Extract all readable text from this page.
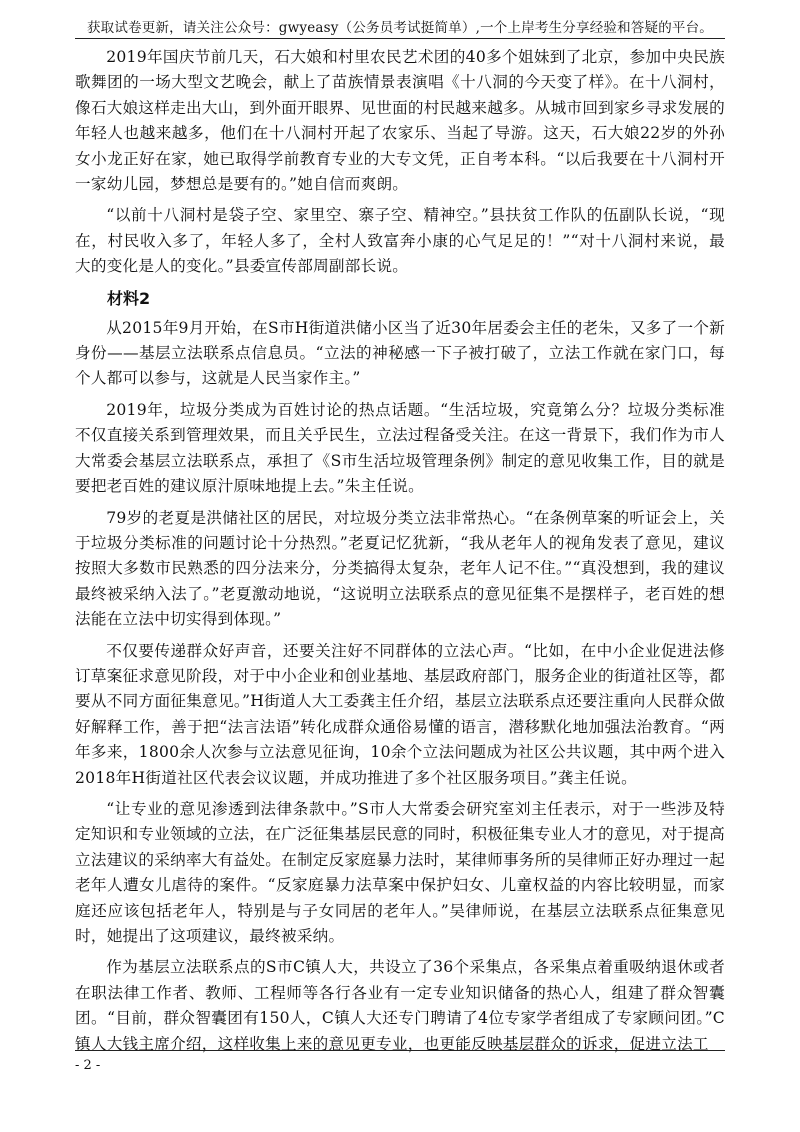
获取试卷更新，请关注公众号：gwyeasy（公务员考试挺简单）,一个上岸考生分享经验和答疑的平台。

2019年国庆节前几天，石大娘和村里农民艺术团的40多个姐妹到了北京，参加中央民族歌舞团的一场大型文艺晚会，献上了苗族情景表演唱《十八洞的今天变了样》。在十八洞村，像石大娘这样走出大山，到外面开眼界、见世面的村民越来越多。从城市回到家乡寻求发展的年轻人也越来越多，他们在十八洞村开起了农家乐、当起了导游。这天，石大娘22岁的外孙女小龙正好在家，她已取得学前教育专业的大专文凭，正自考本科。“以后我要在十八洞村开一家幼儿园，梦想总是要有的。”她自信而爽朗。

“以前十八洞村是袋子空、家里空、寨子空、精神空。”县扶贫工作队的伍副队长说，“现在，村民收入多了，年轻人多了，全村人致富奔小康的心气足足的！”“对十八洞村来说，最大的变化是人的变化。”县委宣传部周副部长说。

材料2

从2015年9月开始，在S市H街道洪储小区当了近30年居委会主任的老朱，又多了一个新身份——基层立法联系点信息员。“立法的神秘感一下子被打破了，立法工作就在家门口，每个人都可以参与，这就是人民当家作主。”

2019年，垃圾分类成为百姓讨论的热点话题。“生活垃圾，究竟第么分？垃圾分类标准不仅直接关系到管理效果，而且关乎民生，立法过程备受关注。在这一背景下，我们作为市人大常委会基层立法联系点，承担了《S市生活垃圾管理条例》制定的意见收集工作，目的就是要把老百姓的建议原汁原味地提上去。”朱主任说。

79岁的老夏是洪储社区的居民，对垃圾分类立法非常热心。“在条例草案的听证会上，关于垃圾分类标准的问题讨论十分热烈。”老夏记忆犹新，“我从老年人的视角发表了意见，建议按照大多数市民熟悉的四分法来分，分类搞得太复杂，老年人记不住。”“真没想到，我的建议最终被采纳入法了。”老夏激动地说，“这说明立法联系点的意见征集不是摆样子，老百姓的想法能在立法中切实得到体现。”

不仅要传递群众好声音，还要关注好不同群体的立法心声。“比如，在中小企业促进法修订草案征求意见阶段，对于中小企业和创业基地、基层政府部门，服务企业的街道社区等，都要从不同方面征集意见。”H街道人大工委龚主任介绍，基层立法联系点还要注重向人民群众做好解释工作，善于把“法言法语”转化成群众通俗易懂的语言，潜移默化地加强法治教育。“两年多来，1800余人次参与立法意见征询，10余个立法问题成为社区公共议题，其中两个进入2018年H街道社区代表会议议题，并成功推进了多个社区服务项目。”龚主任说。

“让专业的意见渗透到法律条款中。”S市人大常委会研究室刘主任表示，对于一些涉及特定知识和专业领域的立法，在广泛征集基层民意的同时，积极征集专业人才的意见，对于提高立法建议的采纳率大有益处。在制定反家庭暴力法时，某律师事务所的吴律师正好办理过一起老年人遭女儿虐待的案件。“反家庭暴力法草案中保护妇女、儿童权益的内容比较明显，而家庭还应该包括老年人，特别是与子女同居的老年人。”吴律师说，在基层立法联系点征集意见时，她提出了这项建议，最终被采纳。

作为基层立法联系点的S市C镇人大，共设立了36个采集点，各采集点着重吸纳退休或者在职法律工作者、教师、工程师等各行各业有一定专业知识储备的热心人，组建了群众智囊团。“目前，群众智囊团有150人，C镇人大还专门聘请了4位专家学者组成了专家顾问团。”C镇人大钱主席介绍，这样收集上来的意见更专业，也更能反映基层群众的诉求，促进立法工

- 2 -
